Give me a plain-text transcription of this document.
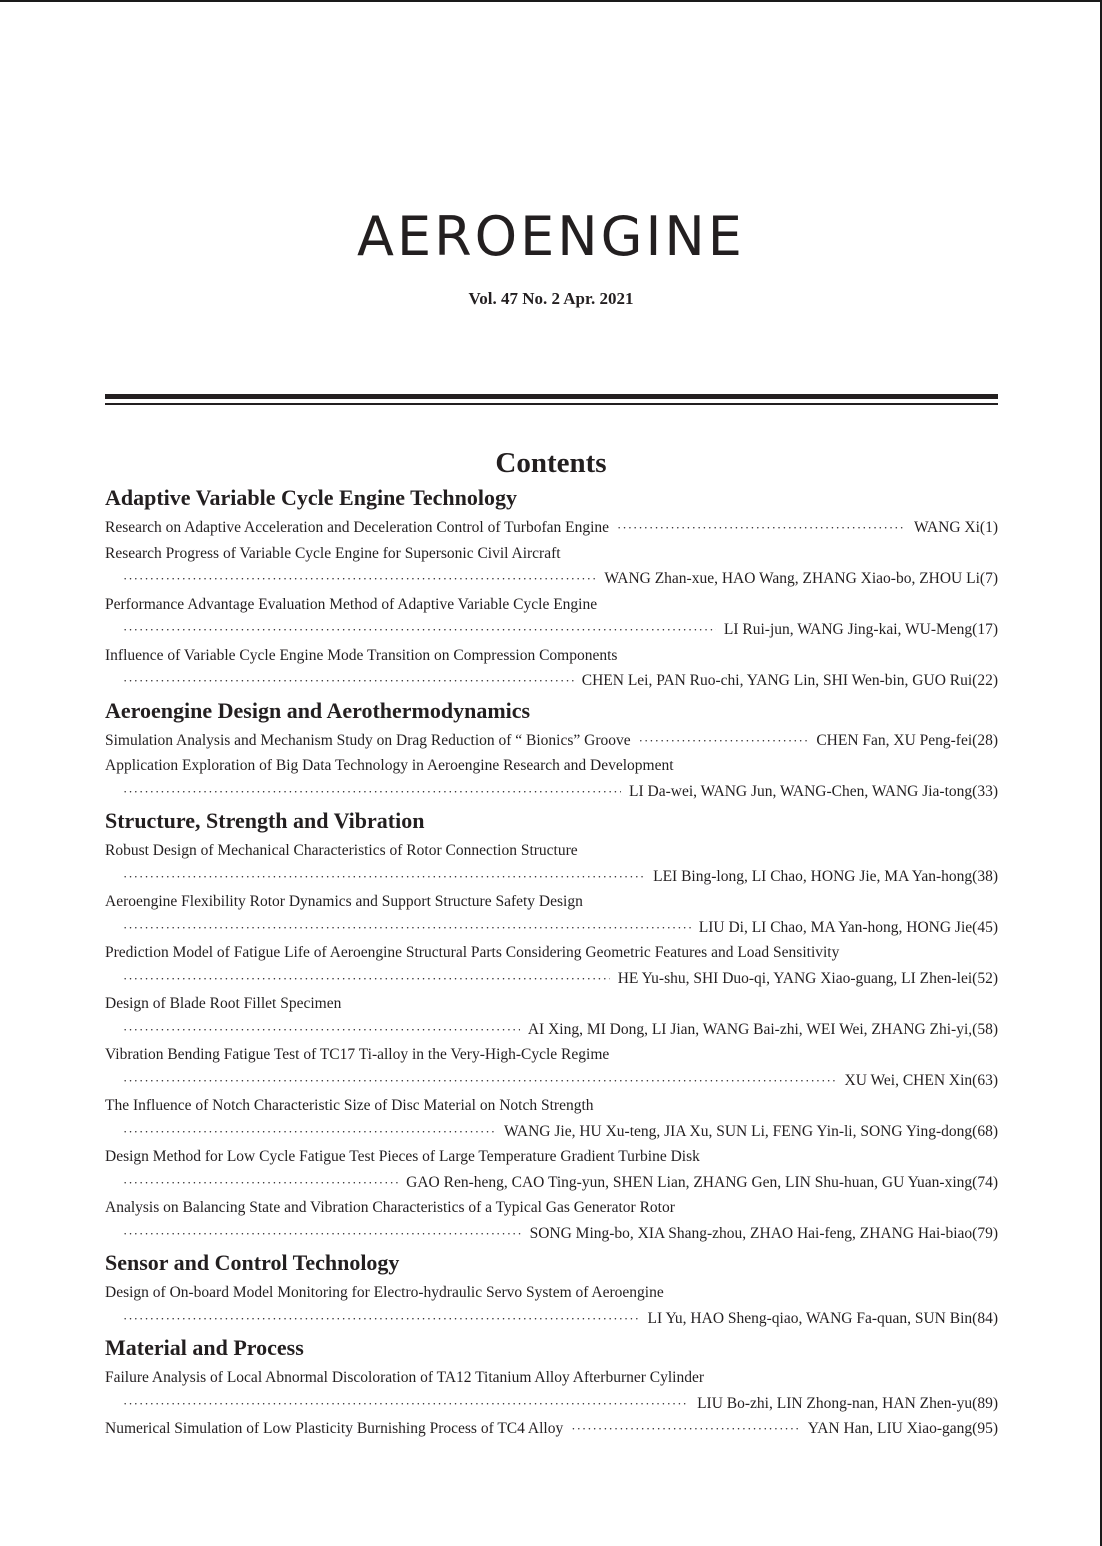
AEROENGINE
Vol. 47 No. 2 Apr. 2021
Contents
Adaptive Variable Cycle Engine Technology
Research on Adaptive Acceleration and Deceleration Control of Turbofan Engine ·····	WANG Xi(1)
Research Progress of Variable Cycle Engine for Supersonic Civil Aircraft
·····
WANG Zhan-xue, HAO Wang, ZHANG Xiao-bo, ZHOU Li(7)
Performance Advantage Evaluation Method of Adaptive Variable Cycle Engine
·····
LI Rui-jun, WANG Jing-kai, WU-Meng(17)
Influence of Variable Cycle Engine Mode Transition on Compression Components
·····
CHEN Lei, PAN Ruo-chi, YANG Lin, SHI Wen-bin, GUO Rui(22)
Aeroengine Design and Aerothermodynamics
Simulation Analysis and Mechanism Study on Drag Reduction of “ Bionics” Groove ·····	CHEN Fan, XU Peng-fei(28)
Application Exploration of Big Data Technology in Aeroengine Research and Development
·····
LI Da-wei, WANG Jun, WANG-Chen, WANG Jia-tong(33)
Structure, Strength and Vibration
Robust Design of Mechanical Characteristics of Rotor Connection Structure
·····
LEI Bing-long, LI Chao, HONG Jie, MA Yan-hong(38)
Aeroengine Flexibility Rotor Dynamics and Support Structure Safety Design
·····
LIU Di, LI Chao, MA Yan-hong, HONG Jie(45)
Prediction Model of Fatigue Life of Aeroengine Structural Parts Considering Geometric Features and Load Sensitivity
·····
HE Yu-shu, SHI Duo-qi, YANG Xiao-guang, LI Zhen-lei(52)
Design of Blade Root Fillet Specimen
·····
AI Xing, MI Dong, LI Jian, WANG Bai-zhi, WEI Wei, ZHANG Zhi-yi,(58)
Vibration Bending Fatigue Test of TC17 Ti-alloy in the Very-High-Cycle Regime
·····
XU Wei, CHEN Xin(63)
The Influence of Notch Characteristic Size of Disc Material on Notch Strength
·····
WANG Jie, HU Xu-teng, JIA Xu, SUN Li, FENG Yin-li, SONG Ying-dong(68)
Design Method for Low Cycle Fatigue Test Pieces of Large Temperature Gradient Turbine Disk
·····
GAO Ren-heng, CAO Ting-yun, SHEN Lian, ZHANG Gen, LIN Shu-huan, GU Yuan-xing(74)
Analysis on Balancing State and Vibration Characteristics of a Typical Gas Generator Rotor
·····
SONG Ming-bo, XIA Shang-zhou, ZHAO Hai-feng, ZHANG Hai-biao(79)
Sensor and Control Technology
Design of On-board Model Monitoring for Electro-hydraulic Servo System of Aeroengine
·····
LI Yu, HAO Sheng-qiao, WANG Fa-quan, SUN Bin(84)
Material and Process
Failure Analysis of Local Abnormal Discoloration of TA12 Titanium Alloy Afterburner Cylinder
·····
LIU Bo-zhi, LIN Zhong-nan, HAN Zhen-yu(89)
Numerical Simulation of Low Plasticity Burnishing Process of TC4 Alloy ·····	YAN Han, LIU Xiao-gang(95)
